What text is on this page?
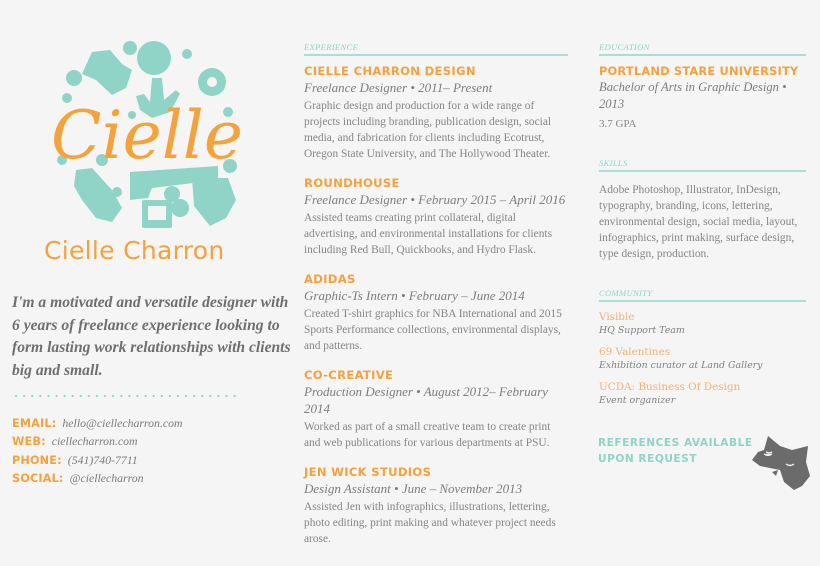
Cielle
Cielle Charron
I'm a motivated and versatile designer with 6 years of freelance experience looking to form lasting work relationships with clients big and small.
EMAIL: hello@ciellecharron.com
WEB: ciellecharron.com
PHONE: (541)740-7711
SOCIAL: @ciellecharron
EXPERIENCE
CIELLE CHARRON DESIGN
Freelance Designer • 2011– Present
Graphic design and production for a wide range of projects including branding, publication design, social media, and fabrication for clients including Ecotrust, Oregon State University, and The Hollywood Theater.
ROUNDHOUSE
Freelance Designer • February 2015 – April 2016
Assisted teams creating print collateral, digital advertising, and environmental installations for clients including Red Bull, Quickbooks, and Hydro Flask.
ADIDAS
Graphic-Ts Intern • February – June 2014
Created T-shirt graphics for NBA International and 2015 Sports Performance collections, environmental displays, and patterns.
CO-CREATIVE
Production Designer • August 2012– February 2014
Worked as part of a small creative team to create print and web publications for various departments at PSU.
JEN WICK STUDIOS
Design Assistant • June – November 2013
Assisted Jen with infographics, illustrations, lettering, photo editing, print making and whatever project needs arose.
EDUCATION
PORTLAND STARE UNIVERSITY
Bachelor of Arts in Graphic Design • 2013
3.7 GPA
SKILLS
Adobe Photoshop, Illustrator, InDesign, typography, branding, icons, lettering, environmental design, social media, layout, infographics, print making, surface design, type design, production.
COMMUNITY
Visible
HQ Support Team
69 Valentines
Exhibition curator at Land Gallery
UCDA: Business Of Design
Event organizer
REFERENCES AVAILABLE
UPON REQUEST
